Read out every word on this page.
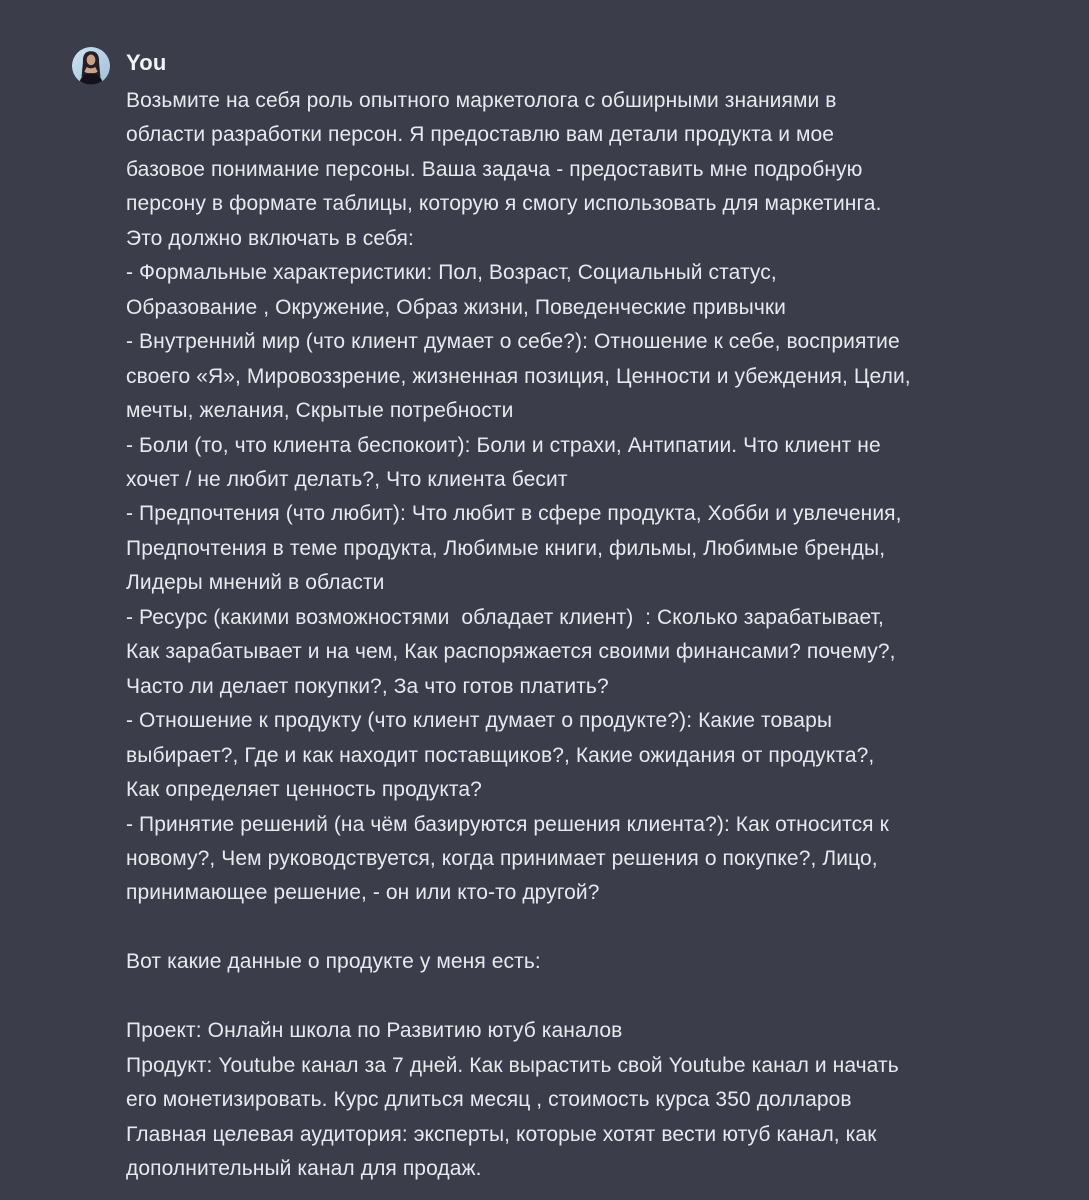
You
Возьмите на себя роль опытного маркетолога с обширными знаниями в
области разработки персон. Я предоставлю вам детали продукта и мое
базовое понимание персоны. Ваша задача - предоставить мне подробную
персону в формате таблицы, которую я смогу использовать для маркетинга.
Это должно включать в себя:
- Формальные характеристики: Пол, Возраст, Социальный статус,
Образование , Окружение, Образ жизни, Поведенческие привычки
- Внутренний мир (что клиент думает о себе?): Отношение к себе, восприятие
своего «Я», Мировоззрение, жизненная позиция, Ценности и убеждения, Цели,
мечты, желания, Скрытые потребности
- Боли (то, что клиента беспокоит): Боли и страхи, Антипатии. Что клиент не
хочет / не любит делать?, Что клиента бесит
- Предпочтения (что любит): Что любит в сфере продукта, Хобби и увлечения,
Предпочтения в теме продукта, Любимые книги, фильмы, Любимые бренды,
Лидеры мнений в области
- Ресурс (какими возможностями  обладает клиент)  : Сколько зарабатывает,
Как зарабатывает и на чем, Как распоряжается своими финансами? почему?,
Часто ли делает покупки?, За что готов платить?
- Отношение к продукту (что клиент думает о продукте?): Какие товары
выбирает?, Где и как находит поставщиков?, Какие ожидания от продукта?,
Как определяет ценность продукта?
- Принятие решений (на чём базируются решения клиента?): Как относится к
новому?, Чем руководствуется, когда принимает решения о покупке?, Лицо,
принимающее решение, - он или кто-то другой?

Вот какие данные о продукте у меня есть:

Проект: Онлайн школа по Развитию ютуб каналов
Продукт: Youtube канал за 7 дней. Как вырастить свой Youtube канал и начать
его монетизировать. Курс длиться месяц , стоимость курса 350 долларов
Главная целевая аудитория: эксперты, которые хотят вести ютуб канал, как
дополнительный канал для продаж.
